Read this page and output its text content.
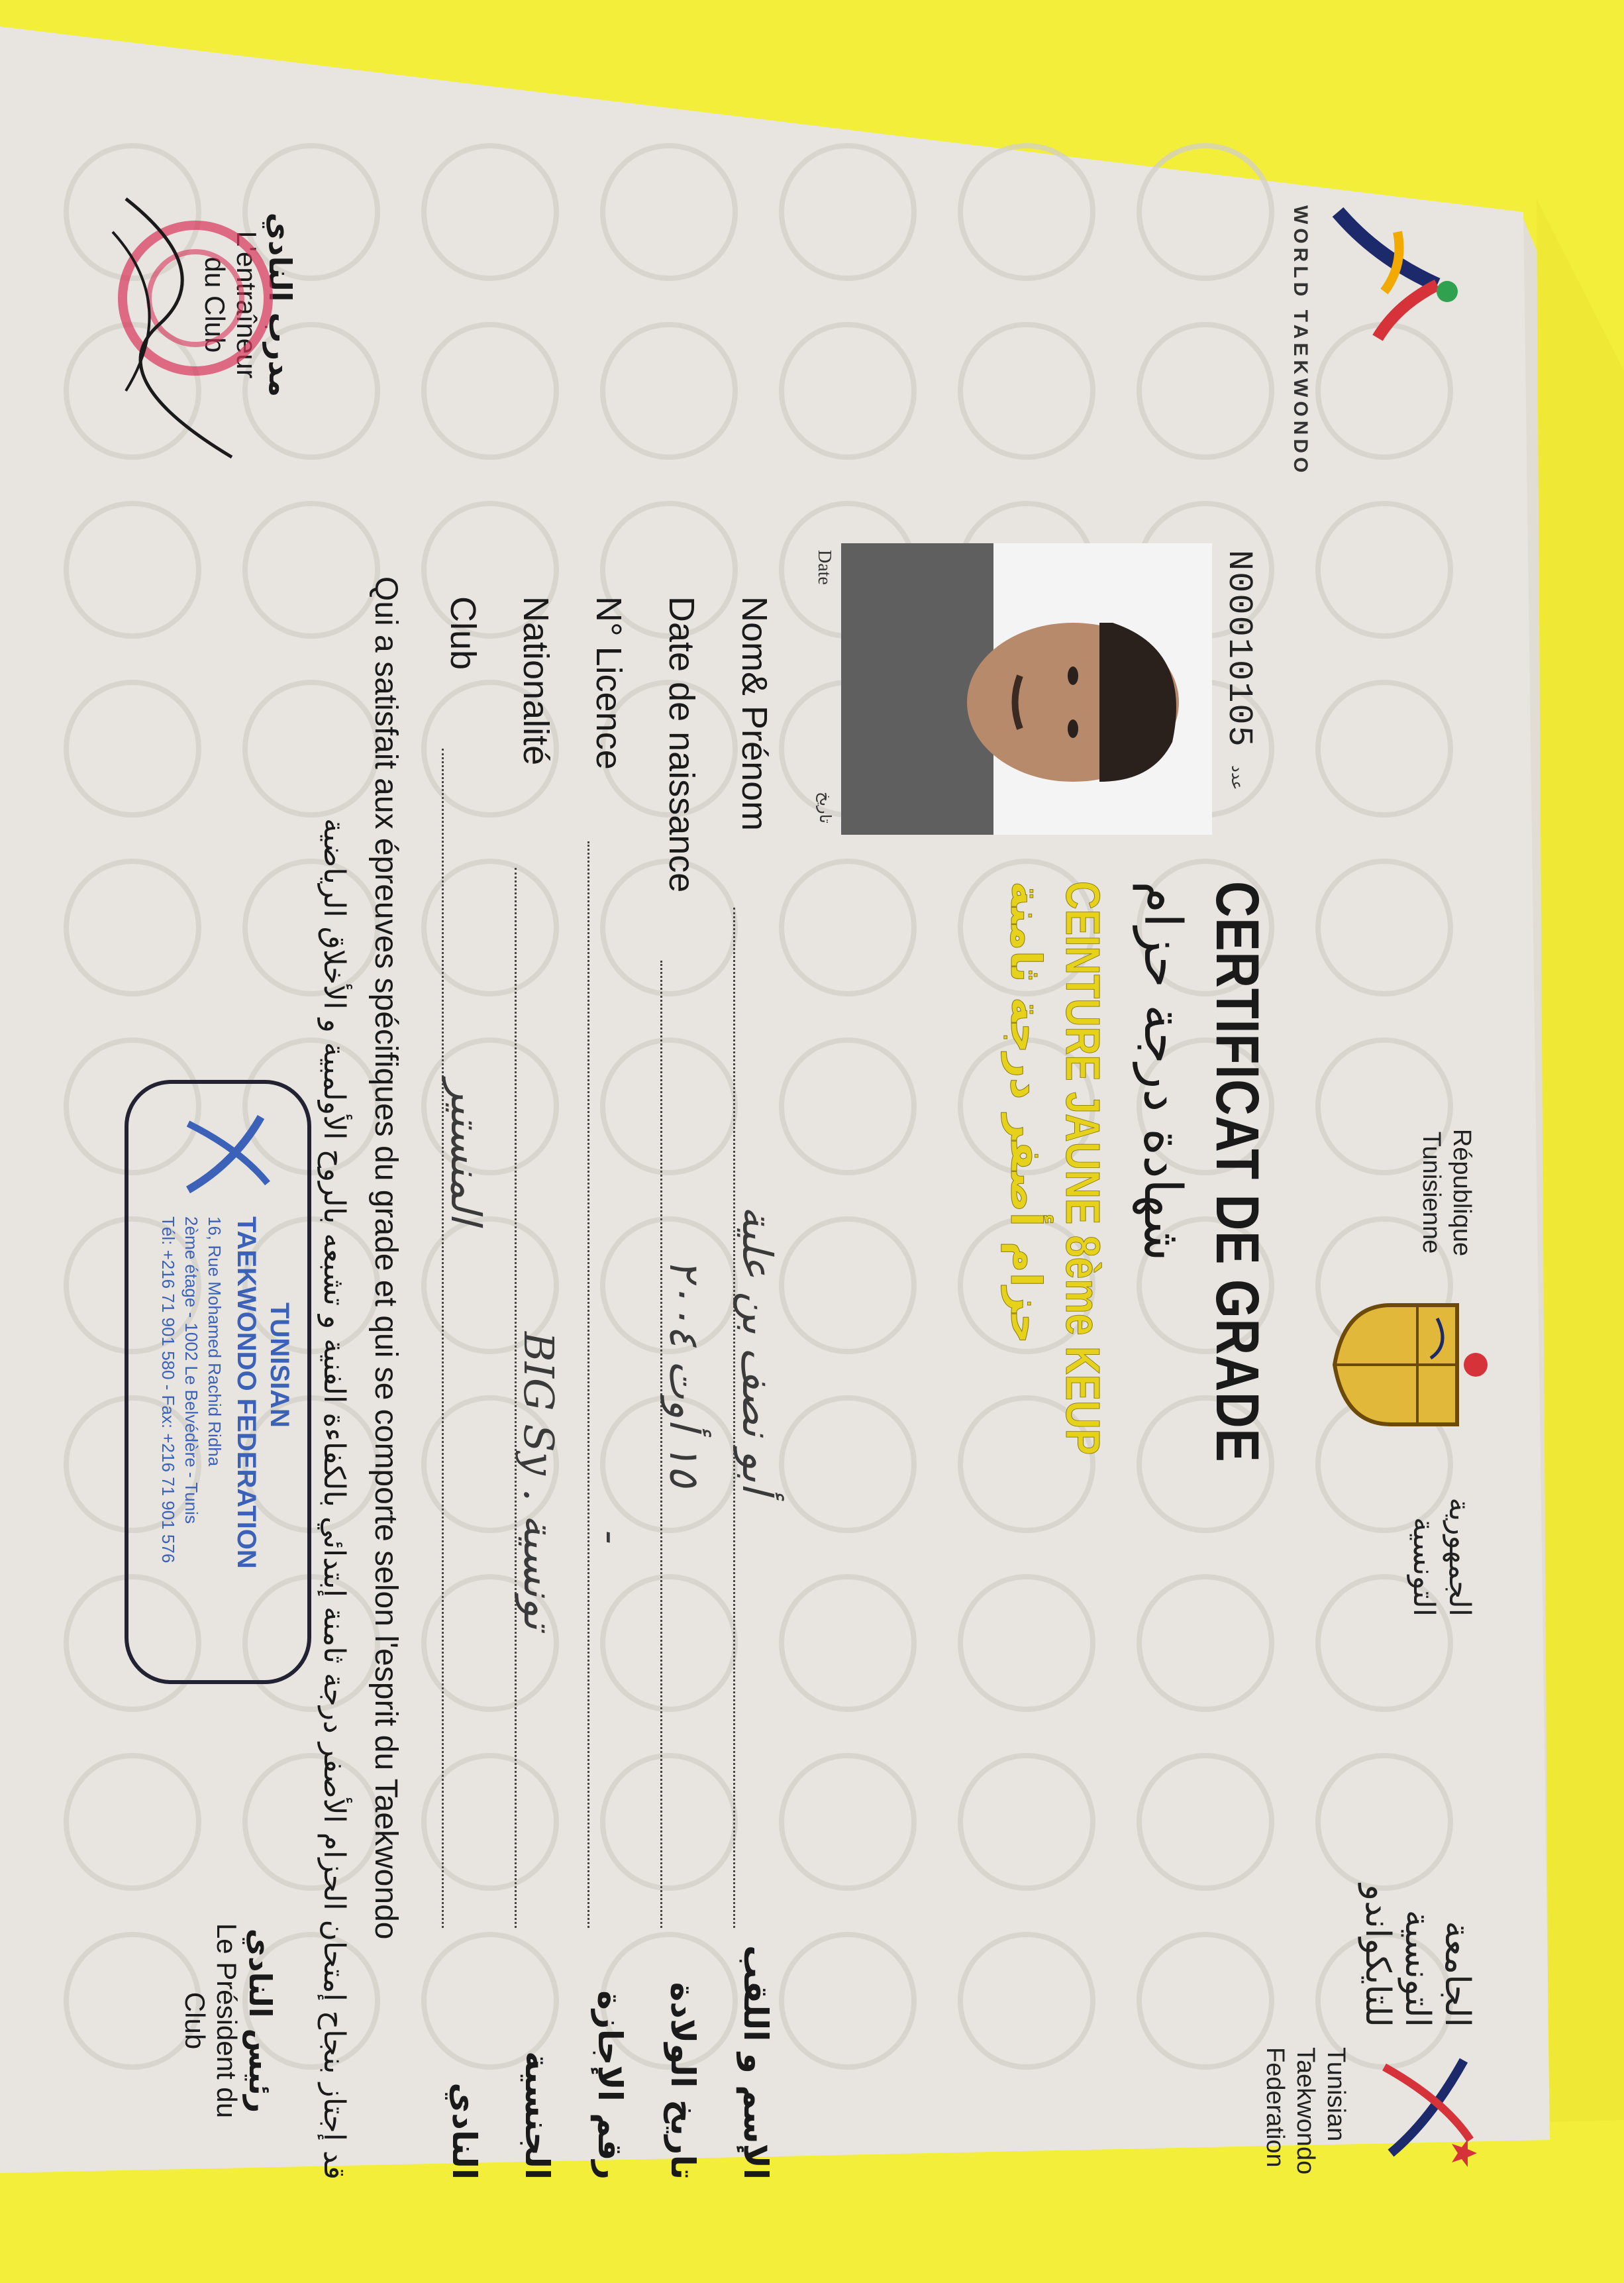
WORLD TAEKWONDO
République
Tunisienne
الجمهورية
التونسية
الجامعة
التونسية
للتايكواندو
Tunisian
Taekwondo
Federation
N00010105
عدد
Date
تاريخ
CERTIFICAT DE GRADE
شهادة درجة حزام
CEINTURE JAUNE 8ème KEUP
حزام أصفر درجة ثامنة
Nom& Prénom
أبو نصف بن علية
الإسم و اللقب
Date de naissance
١٥ أوت ٢٠٠٤
تاريخ الولادة
N° Licence
-
رقم الإجازة
Nationalité
تونسية . BIG Sy
الجنسية
Club
المنستير
النادي
Qui a satisfait aux épreuves spécifiques du grade et qui se comporte selon l'esprit du Taekwondo
قد إجتاز بنجاح إمتحان الحزام الأصفر درجة ثامنة إبتدائي بالكفاءة الفنية و تشبعه بالروح الأولمبية و الأخلاق الرياضية
مدرب النادي
L'entraîneur
du Club
TUNISIAN
TAEKWONDO FEDERATION
16, Rue Mohamed Rachid Ridha
2ème étage - 1002 Le Belvédère - Tunis
Tél: +216 71 901 580 - Fax: +216 71 901 576
رئيس النادي
Le Président du
Club
